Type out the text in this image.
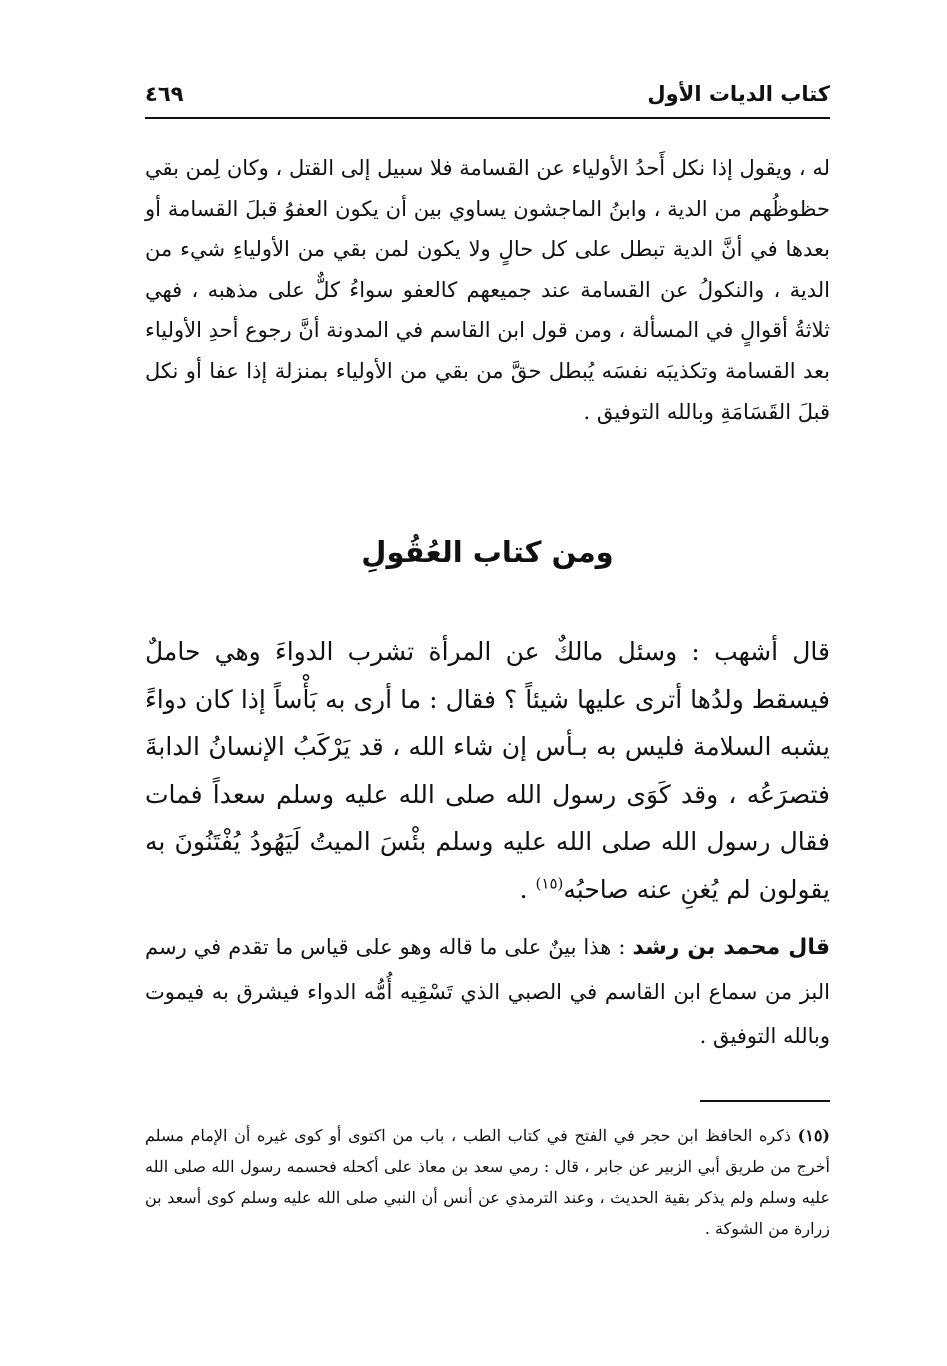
كتاب الديات الأول
٤٦٩
له ، ويقول إذا نكل أَحدُ الأولياء عن القسامة فلا سبيل إلى القتل ، وكان لِمن بقي حظوظُهم من الدية ، وابنُ الماجشون يساوي بين أن يكون العفوُ قبلَ القسامة أو بعدها في أنَّ الدية تبطل على كل حالٍ ولا يكون لمن بقي من الأولياءِ شيء من الدية ، والنكولُ عن القسامة عند جميعهم كالعفو سواءُ كلٌّ على مذهبه ، فهي ثلاثةُ أقوالٍ في المسألة ، ومن قول ابن القاسم في المدونة أنَّ رجوع أحدِ الأولياء بعد القسامة وتكذيبَه نفسَه يُبطل حقَّ من بقي من الأولياء بمنزلة إذا عفا أو نكل قبلَ القَسَامَةِ وبالله التوفيق .
ومن كتاب العُقُولِ
قال أشهب : وسئل مالكٌ عن المرأة تشرب الدواءَ وهي حاملٌ فيسقط ولدُها أترى عليها شيئاً ؟ فقال : ما أرى به بَأْساً إذا كان دواءً يشبه السلامة فليس به بـأس إن شاء الله ، قد يَرْكَبُ الإنسانُ الدابةَ فتصرَعُه ، وقد كَوَى رسول الله صلى الله عليه وسلم سعداً فمات فقال رسول الله صلى الله عليه وسلم بئْسَ الميتُ لَيَهُودُ يُفْتَنُونَ به يقولون لم يُغنِ عنه صاحبُه$^{(١٥)}$ .
قال محمد بن رشد : هذا بينٌ على ما قاله وهو على قياس ما تقدم في رسم البز من سماع ابن القاسم في الصبي الذي تَسْقِيه أُمُّه الدواء فيشرق به فيموت وبالله التوفيق .
(١٥) ذكره الحافظ ابن حجر في الفتح في كتاب الطب ، باب من اكتوى أو كوى غيره أن الإمام مسلم أخرج من طريق أبي الزبير عن جابر ، قال : رمي سعد بن معاذ على أكحله فحسمه رسول الله صلى الله عليه وسلم ولم يذكر بقية الحديث ، وعند الترمذي عن أنس أن النبي صلى الله عليه وسلم كوى أسعد بن زرارة من الشوكة .
